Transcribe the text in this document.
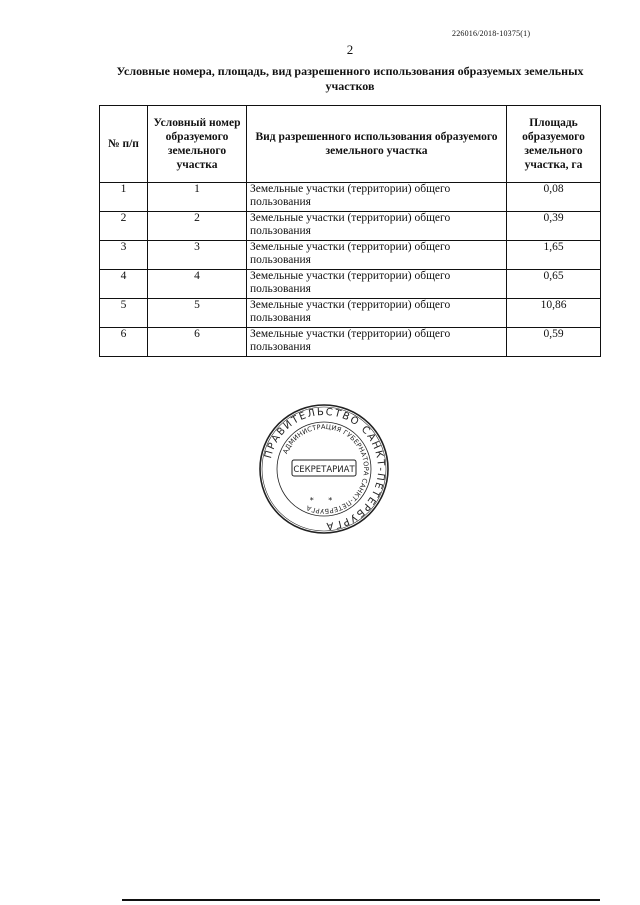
226016/2018-10375(1)
2
Условные номера, площадь, вид разрешенного использования образуемых земельных участков
№ п/п	Условный номер образуемого земельного участка	Вид разрешенного использования образуемого земельного участка	Площадь образуемого земельного участка, га
1	1	Земельные участки (территории) общего пользования	0,08
2	2	Земельные участки (территории) общего пользования	0,39
3	3	Земельные участки (территории) общего пользования	1,65
4	4	Земельные участки (территории) общего пользования	0,65
5	5	Земельные участки (территории) общего пользования	10,86
6	6	Земельные участки (территории) общего пользования	0,59
ПРАВИТЕЛЬСТВО САНКТ-ПЕТЕРБУРГА
АДМИНИСТРАЦИЯ ГУБЕРНАТОРА САНКТ-ПЕТЕРБУРГА
СЕКРЕТАРИАТ
* *
